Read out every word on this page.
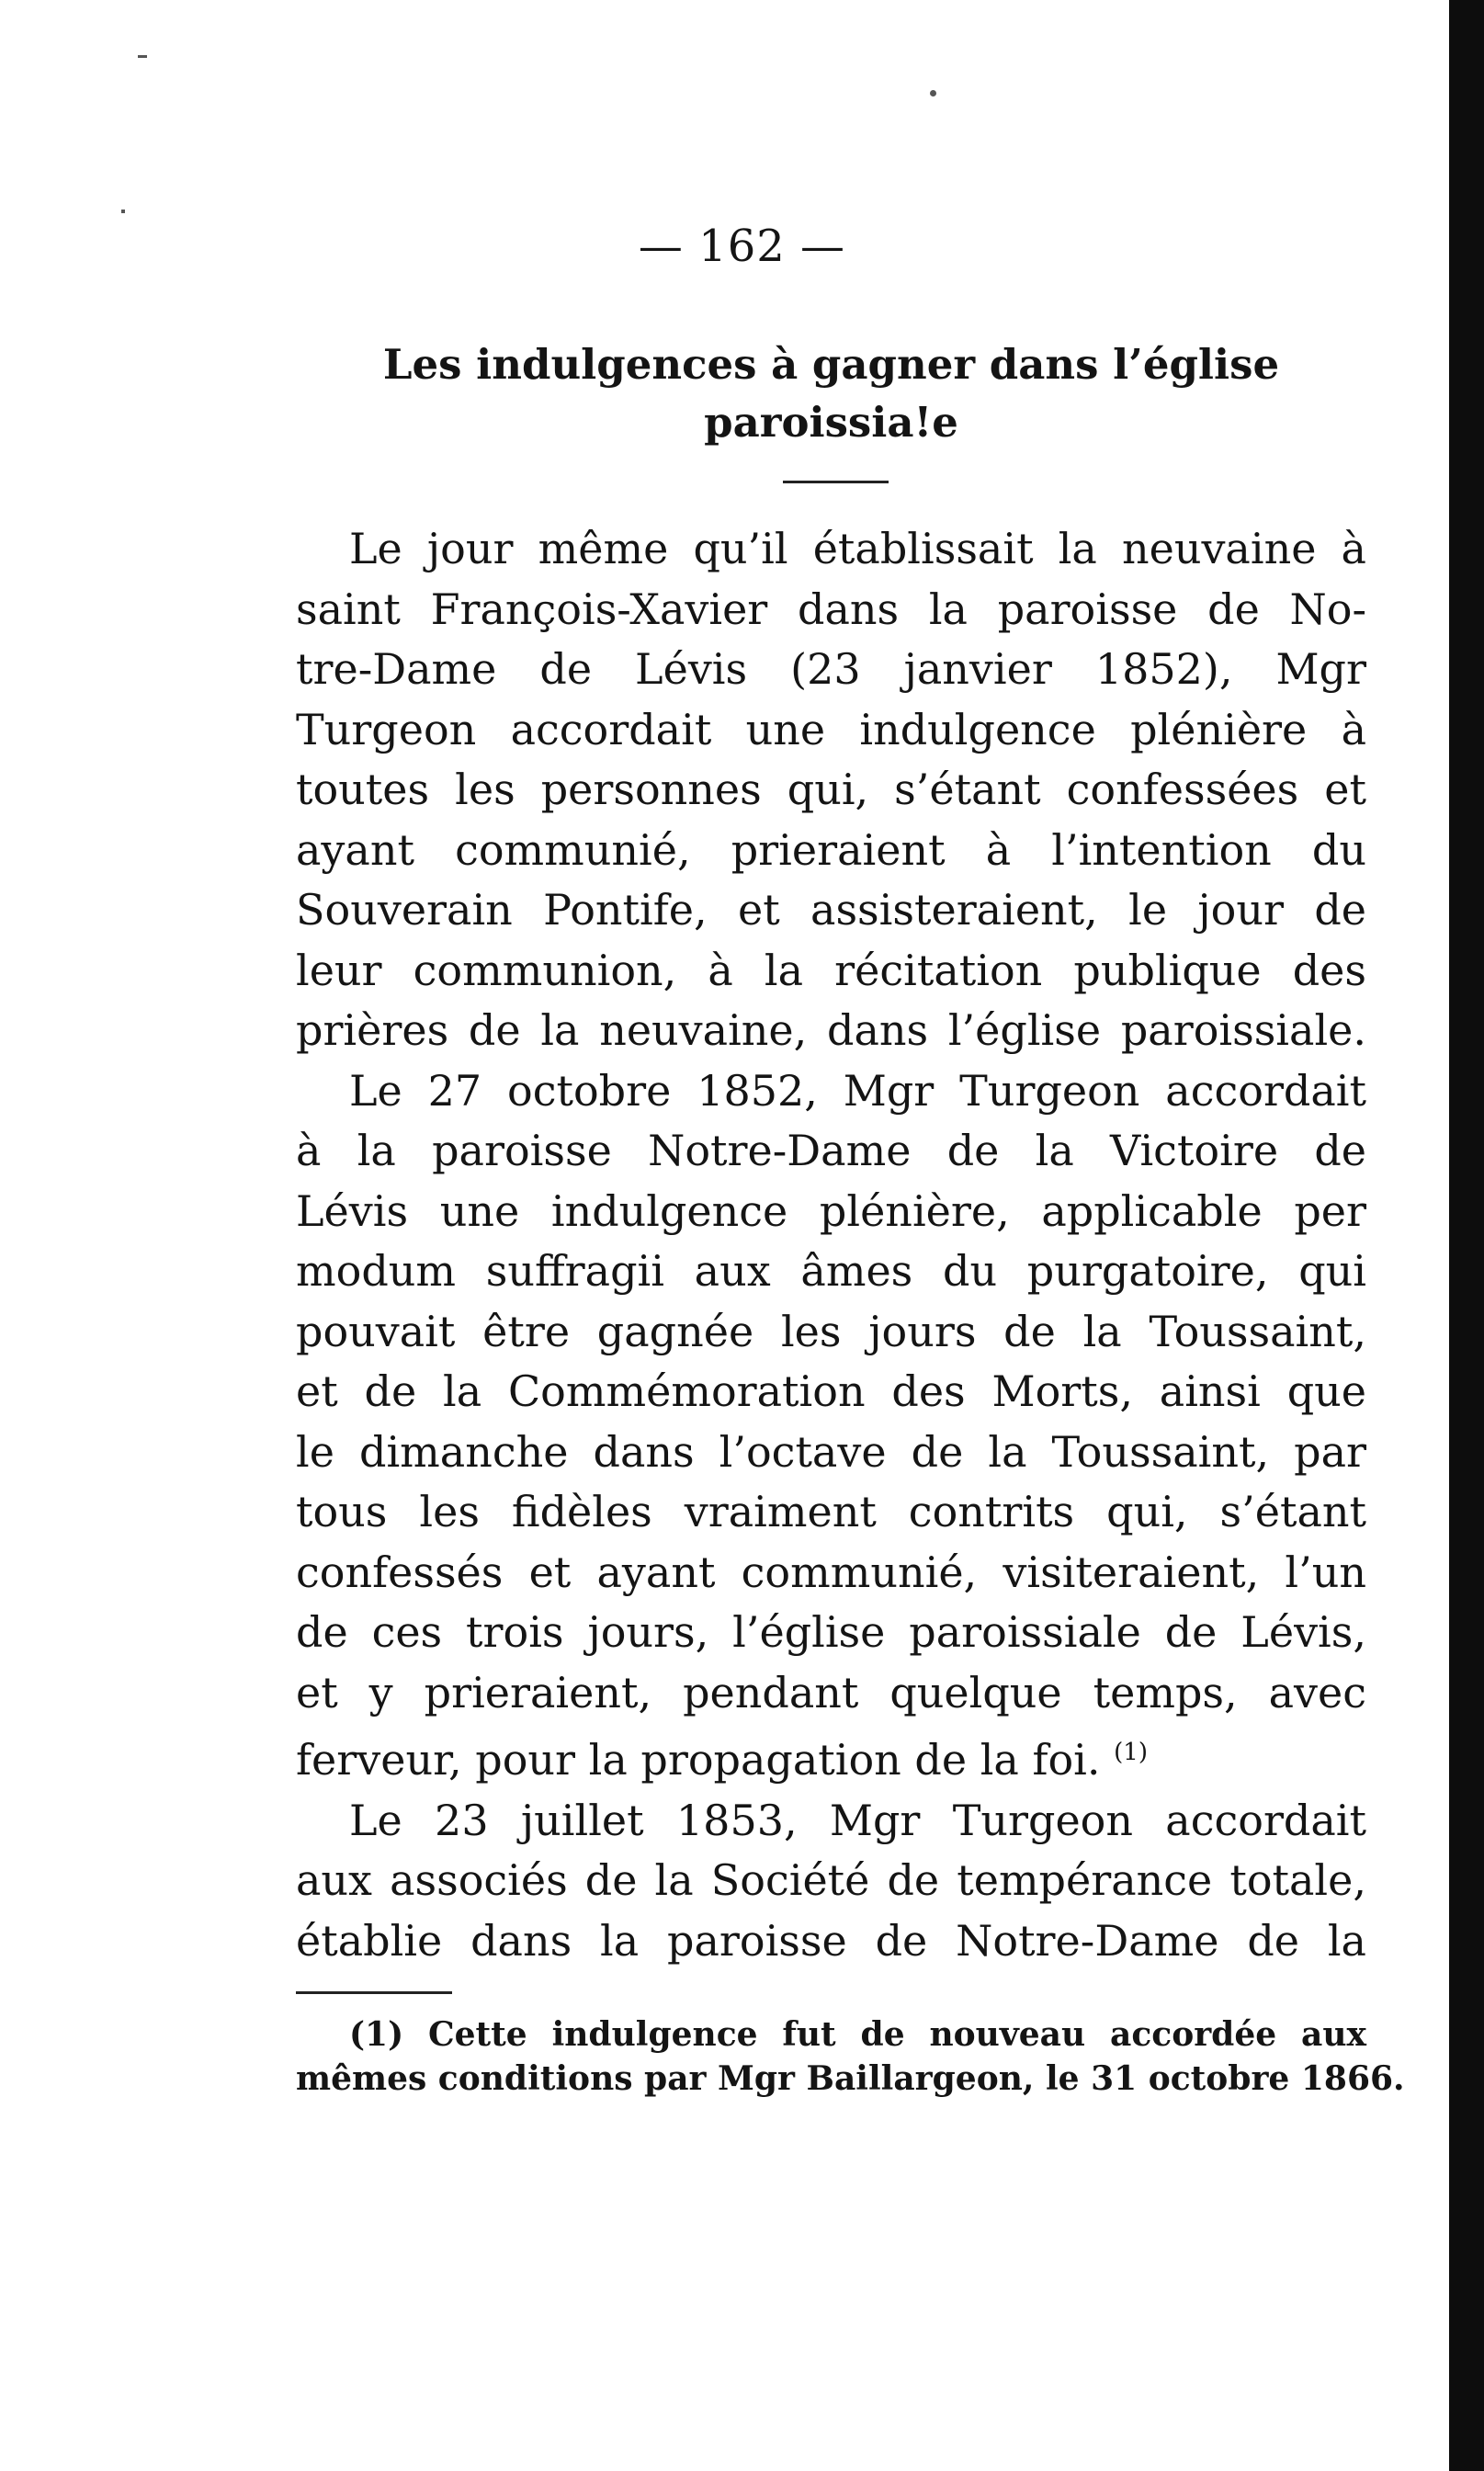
— 162 —
Les indulgences à gagner dans l’église
paroissia!e
Le jour même qu’il établissait la neuvaine à
saint François-Xavier dans la paroisse de No-
tre-Dame de Lévis (23 janvier 1852), Mgr
Turgeon accordait une indulgence plénière à
toutes les personnes qui, s’étant confessées et
ayant communié, prieraient à l’intention du
Souverain Pontife, et assisteraient, le jour de
leur communion, à la récitation publique des
prières de la neuvaine, dans l’église paroissiale.
Le 27 octobre 1852, Mgr Turgeon accordait
à la paroisse Notre-Dame de la Victoire de
Lévis une indulgence plénière, applicable per
modum suffragii aux âmes du purgatoire, qui
pouvait être gagnée les jours de la Toussaint,
et de la Commémoration des Morts, ainsi que
le dimanche dans l’octave de la Toussaint, par
tous les fidèles vraiment contrits qui, s’étant
confessés et ayant communié, visiteraient, l’un
de ces trois jours, l’église paroissiale de Lévis,
et y prieraient, pendant quelque temps, avec
ferveur, pour la propagation de la foi. $^{(1)}$
Le 23 juillet 1853, Mgr Turgeon accordait
aux associés de la Société de tempérance totale,
établie dans la paroisse de Notre-Dame de la
(1) Cette indulgence fut de nouveau accordée aux
mêmes conditions par Mgr Baillargeon, le 31 octobre 1866.
